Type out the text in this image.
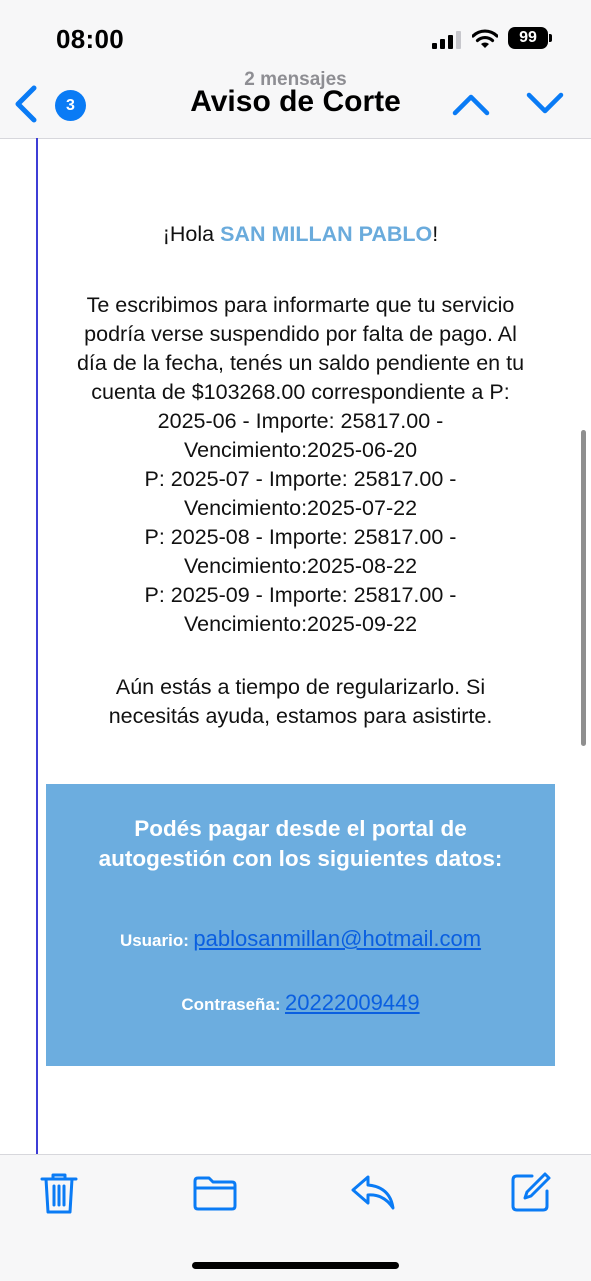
08:00	99
3
2 mensajes
Aviso de Corte
¡Hola SAN MILLAN PABLO!
Te escribimos para informarte que tu servicio
podría verse suspendido por falta de pago. Al
día de la fecha, tenés un saldo pendiente en tu
cuenta de $103268.00 correspondiente a P:
2025-06 - Importe: 25817.00 -
Vencimiento:2025-06-20
P: 2025-07 - Importe: 25817.00 -
Vencimiento:2025-07-22
P: 2025-08 - Importe: 25817.00 -
Vencimiento:2025-08-22
P: 2025-09 - Importe: 25817.00 -
Vencimiento:2025-09-22
Aún estás a tiempo de regularizarlo. Si
necesitás ayuda, estamos para asistirte.
Podés pagar desde el portal de
autogestión con los siguientes datos:
Usuario: pablosanmillan@hotmail.com
Contraseña: 20222009449
